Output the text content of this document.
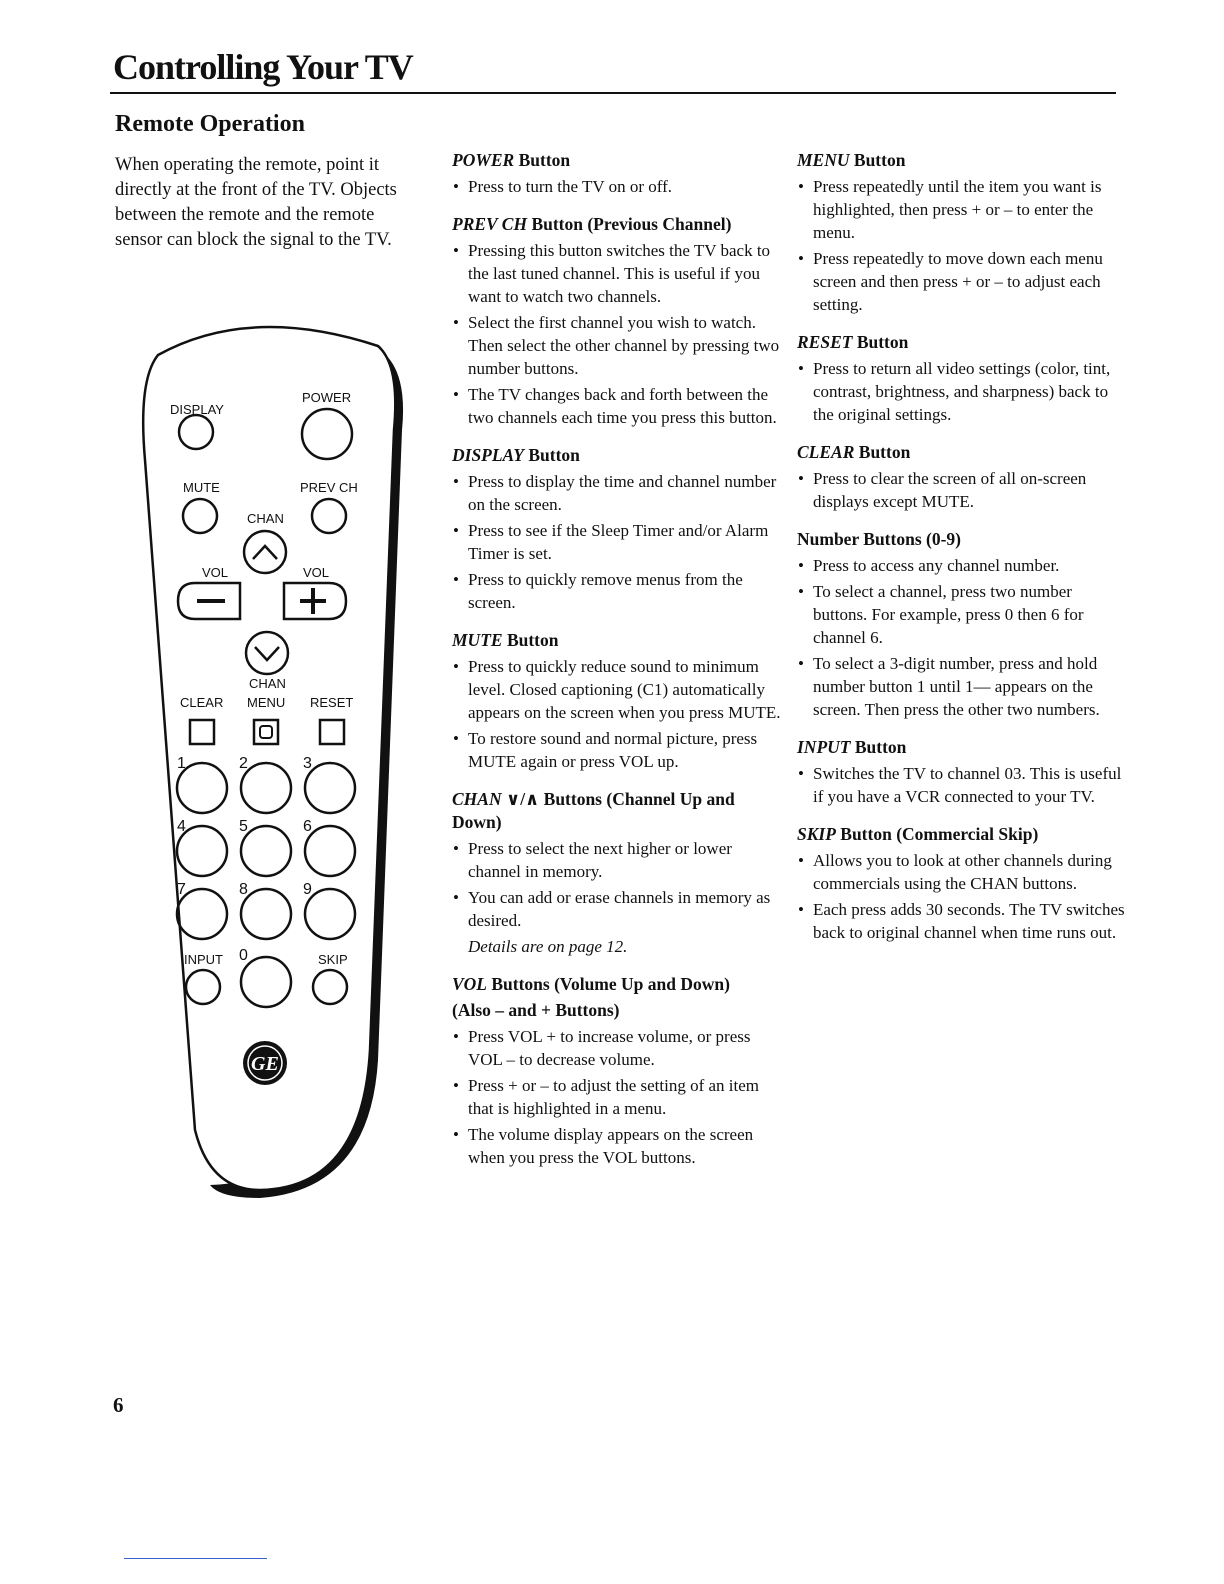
Controlling Your TV
Remote Operation

When operating the remote, point it directly at the front of the TV. Objects between the remote and the remote sensor can block the signal to the TV.

DISPLAY
POWER
MUTE	PREV CH
CHAN
VOL	VOL
CHAN
CLEAR MENU RESET
1	2	3
4	5	6
7	8	9
INPUT 0	SKIP
GE

POWER Button

• Press to turn the TV on or off.

PREV CH Button (Previous Channel)

• Pressing this button switches the TV back to the last tuned channel. This is useful if you want to watch two channels.
• Select the first channel you wish to watch. Then select the other channel by pressing two number buttons.
• The TV changes back and forth between the two channels each time you press this button.

DISPLAY Button

• Press to display the time and channel number on the screen.
• Press to see if the Sleep Timer and/or Alarm Timer is set.
• Press to quickly remove menus from the screen.

MUTE Button

• Press to quickly reduce sound to minimum level. Closed captioning (C1) automatically appears on the screen when you press MUTE.
• To restore sound and normal picture, press MUTE again or press VOL up.

CHAN ∨/∧ Buttons (Channel Up and Down)

• Press to select the next higher or lower channel in memory.
• You can add or erase channels in memory as desired.
Details are on page 12.

VOL Buttons (Volume Up and Down)

(Also – and + Buttons)

• Press VOL + to increase volume, or press VOL – to decrease volume.
• Press + or – to adjust the setting of an item that is highlighted in a menu.
• The volume display appears on the screen when you press the VOL buttons.

MENU Button

• Press repeatedly until the item you want is highlighted, then press + or – to enter the menu.
• Press repeatedly to move down each menu screen and then press + or – to adjust each setting.

RESET Button

• Press to return all video settings (color, tint, contrast, brightness, and sharpness) back to the original settings.

CLEAR Button

• Press to clear the screen of all on-screen displays except MUTE.

Number Buttons (0-9)

• Press to access any channel number.
• To select a channel, press two number buttons. For example, press 0 then 6 for channel 6.
• To select a 3-digit number, press and hold number button 1 until 1— appears on the screen. Then press the other two numbers.

INPUT Button

• Switches the TV to channel 03. This is useful if you have a VCR connected to your TV.

SKIP Button (Commercial Skip)

• Allows you to look at other channels during commercials using the CHAN buttons.
• Each press adds 30 seconds. The TV switches back to original channel when time runs out.
6
